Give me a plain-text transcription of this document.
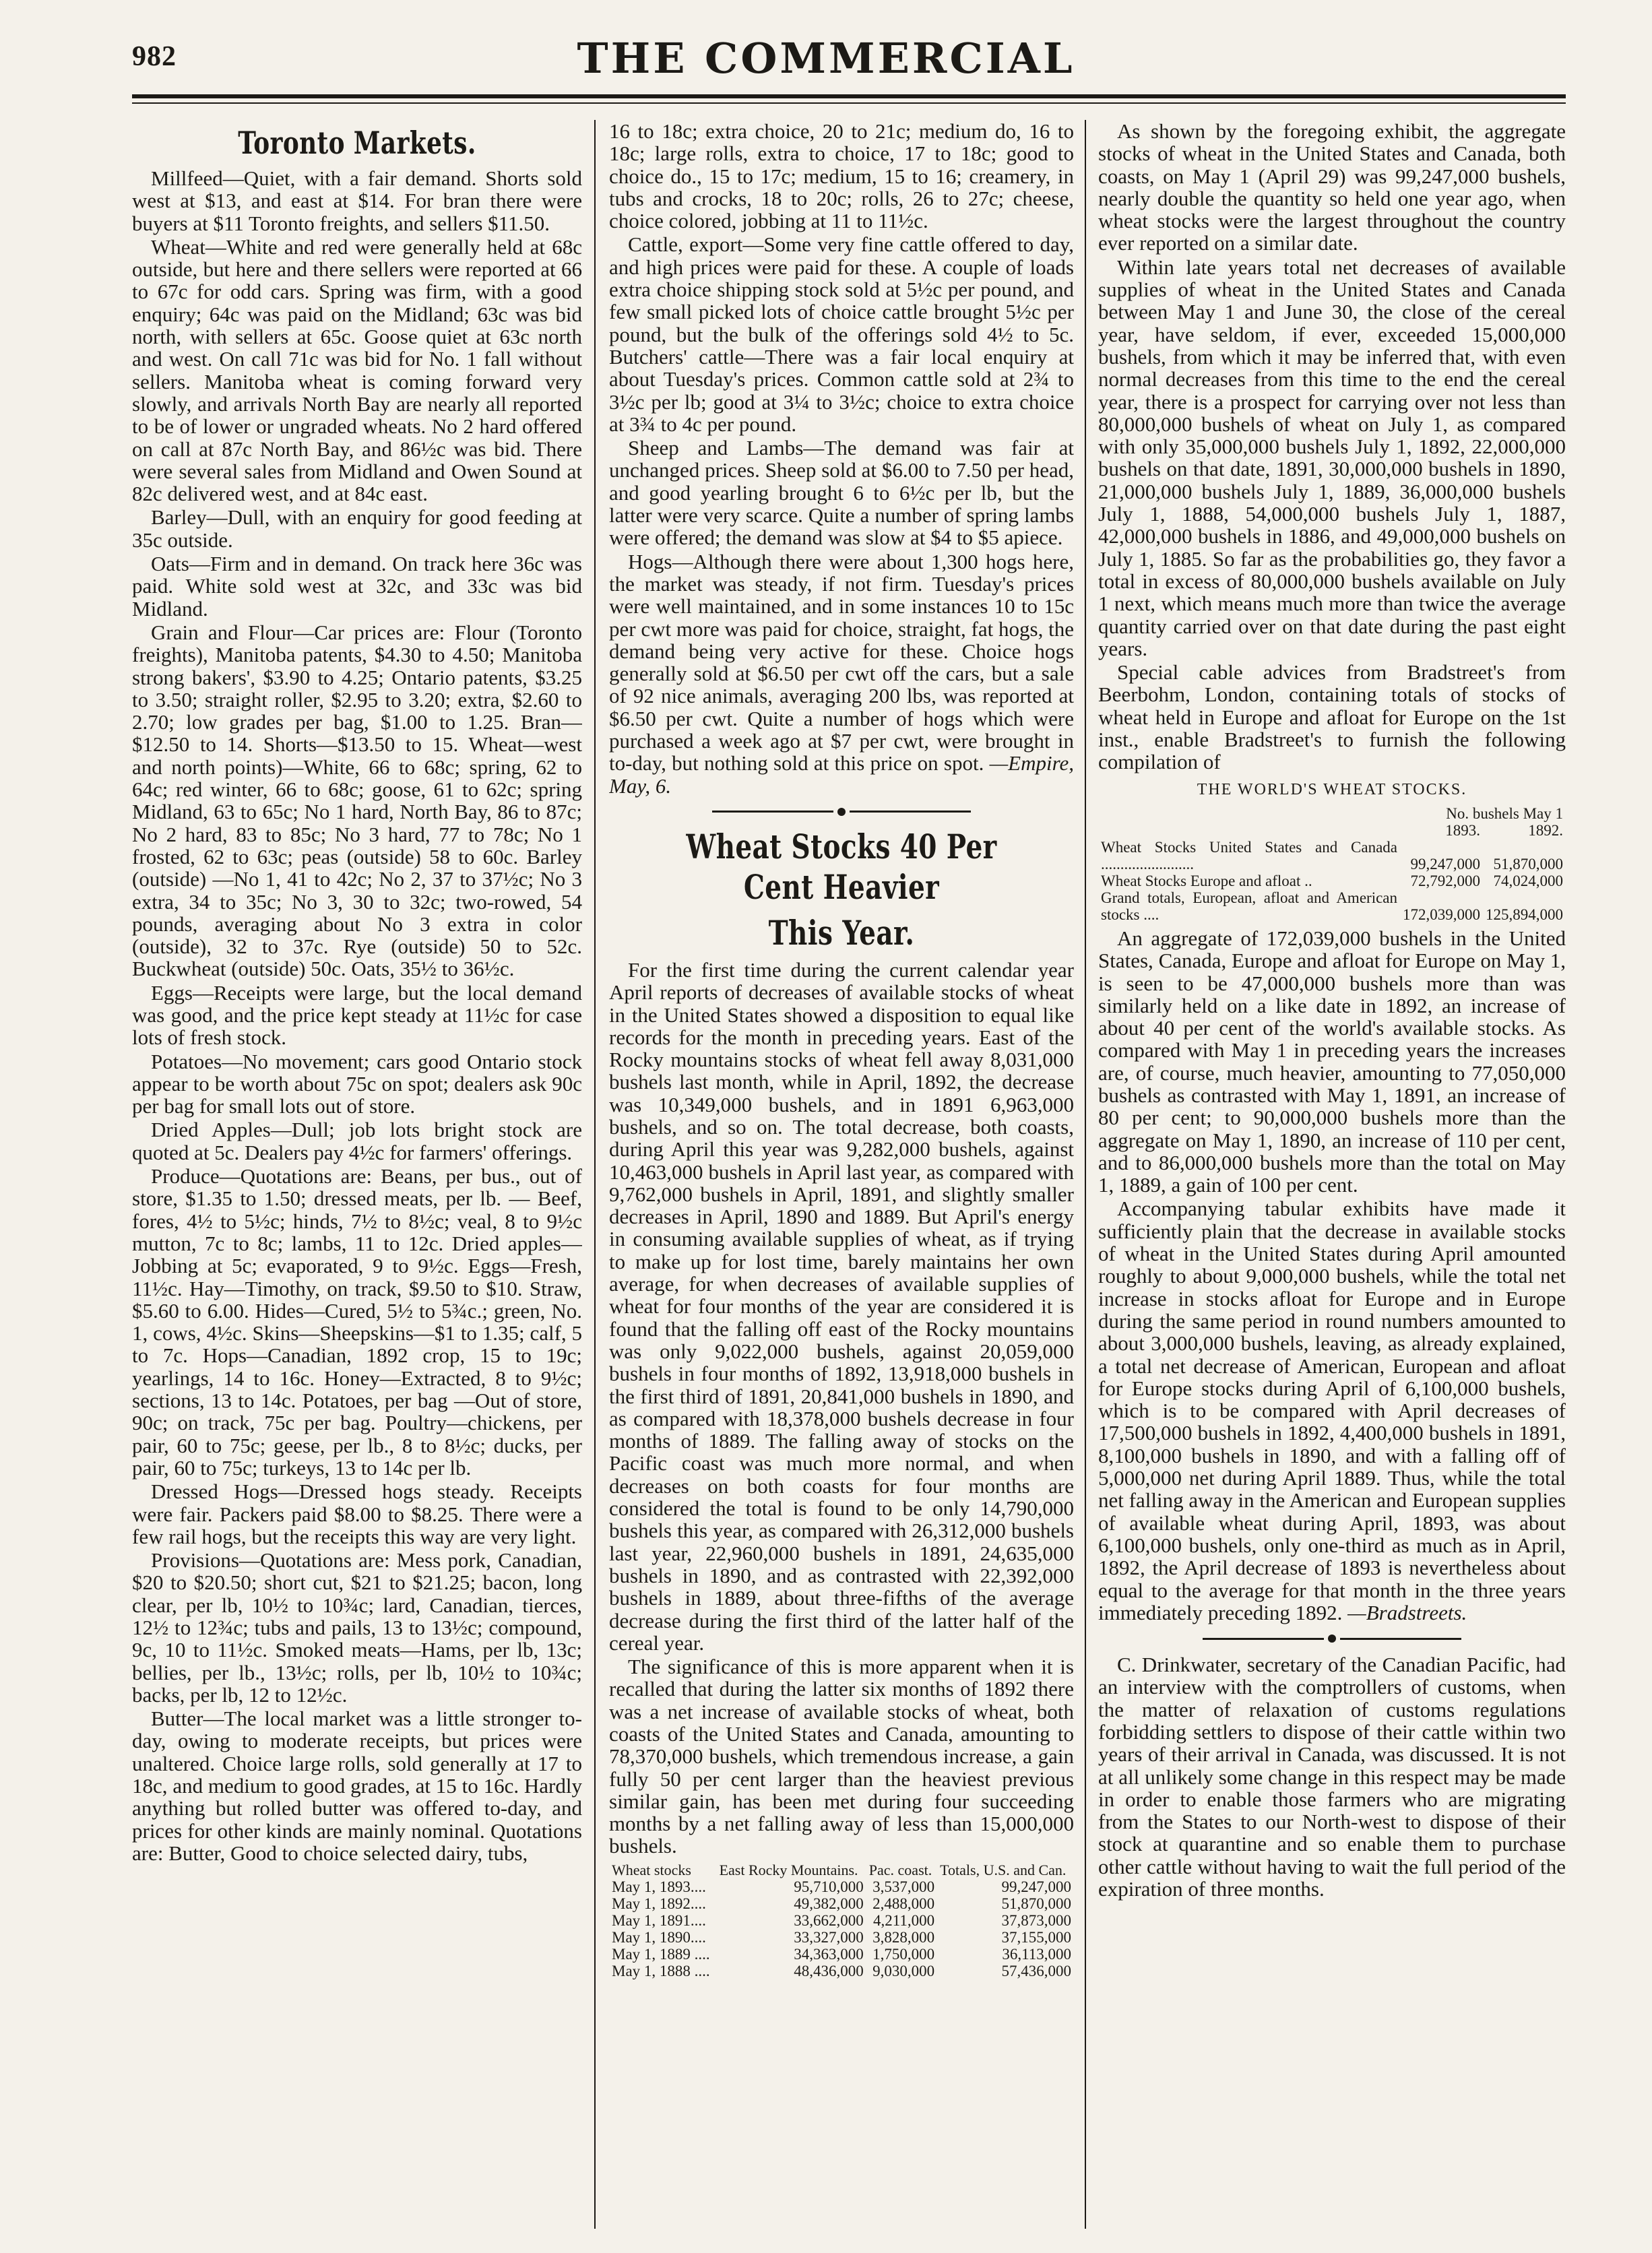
982	THE COMMERCIAL
Toronto Markets.

Millfeed—Quiet, with a fair demand. Shorts sold west at $13, and east at $14. For bran there were buyers at $11 Toronto freights, and sellers $11.50.

Wheat—White and red were generally held at 68c outside, but here and there sellers were reported at 66 to 67c for odd cars. Spring was firm, with a good enquiry; 64c was paid on the Midland; 63c was bid north, with sellers at 65c. Goose quiet at 63c north and west. On call 71c was bid for No. 1 fall without sellers. Manitoba wheat is coming forward very slowly, and arrivals North Bay are nearly all reported to be of lower or ungraded wheats. No 2 hard offered on call at 87c North Bay, and 86½c was bid. There were several sales from Midland and Owen Sound at 82c delivered west, and at 84c east.

Barley—Dull, with an enquiry for good feeding at 35c outside.

Oats—Firm and in demand. On track here 36c was paid. White sold west at 32c, and 33c was bid Midland.

Grain and Flour—Car prices are: Flour (Toronto freights), Manitoba patents, $4.30 to 4.50; Manitoba strong bakers', $3.90 to 4.25; Ontario patents, $3.25 to 3.50; straight roller, $2.95 to 3.20; extra, $2.60 to 2.70; low grades per bag, $1.00 to 1.25. Bran—$12.50 to 14. Shorts—$13.50 to 15. Wheat—west and north points)—White, 66 to 68c; spring, 62 to 64c; red winter, 66 to 68c; goose, 61 to 62c; spring Midland, 63 to 65c; No 1 hard, North Bay, 86 to 87c; No 2 hard, 83 to 85c; No 3 hard, 77 to 78c; No 1 frosted, 62 to 63c; peas (outside) 58 to 60c. Barley (outside) —No 1, 41 to 42c; No 2, 37 to 37½c; No 3 extra, 34 to 35c; No 3, 30 to 32c; two-rowed, 54 pounds, averaging about No 3 extra in color (outside), 32 to 37c. Rye (outside) 50 to 52c. Buckwheat (outside) 50c. Oats, 35½ to 36½c.

Eggs—Receipts were large, but the local demand was good, and the price kept steady at 11½c for case lots of fresh stock.

Potatoes—No movement; cars good Ontario stock appear to be worth about 75c on spot; dealers ask 90c per bag for small lots out of store.

Dried Apples—Dull; job lots bright stock are quoted at 5c. Dealers pay 4½c for farmers' offerings.

Produce—Quotations are: Beans, per bus., out of store, $1.35 to 1.50; dressed meats, per lb. — Beef, fores, 4½ to 5½c; hinds, 7½ to 8½c; veal, 8 to 9½c mutton, 7c to 8c; lambs, 11 to 12c. Dried apples—Jobbing at 5c; evaporated, 9 to 9½c. Eggs—Fresh, 11½c. Hay—Timothy, on track, $9.50 to $10. Straw, $5.60 to 6.00. Hides—Cured, 5½ to 5¾c.; green, No. 1, cows, 4½c. Skins—Sheepskins—$1 to 1.35; calf, 5 to 7c. Hops—Canadian, 1892 crop, 15 to 19c; yearlings, 14 to 16c. Honey—Extracted, 8 to 9½c; sections, 13 to 14c. Potatoes, per bag —Out of store, 90c; on track, 75c per bag. Poultry—chickens, per pair, 60 to 75c; geese, per lb., 8 to 8½c; ducks, per pair, 60 to 75c; turkeys, 13 to 14c per lb.

Dressed Hogs—Dressed hogs steady. Receipts were fair. Packers paid $8.00 to $8.25. There were a few rail hogs, but the receipts this way are very light.

Provisions—Quotations are: Mess pork, Canadian, $20 to $20.50; short cut, $21 to $21.25; bacon, long clear, per lb, 10½ to 10¾c; lard, Canadian, tierces, 12½ to 12¾c; tubs and pails, 13 to 13½c; compound, 9c, 10 to 11½c. Smoked meats—Hams, per lb, 13c; bellies, per lb., 13½c; rolls, per lb, 10½ to 10¾c; backs, per lb, 12 to 12½c.

Butter—The local market was a little stronger to-day, owing to moderate receipts, but prices were unaltered. Choice large rolls, sold generally at 17 to 18c, and medium to good grades, at 15 to 16c. Hardly anything but rolled butter was offered to-day, and prices for other kinds are mainly nominal. Quotations are: Butter, Good to choice selected dairy, tubs,

16 to 18c; extra choice, 20 to 21c; medium do, 16 to 18c; large rolls, extra to choice, 17 to 18c; good to choice do., 15 to 17c; medium, 15 to 16; creamery, in tubs and crocks, 18 to 20c; rolls, 26 to 27c; cheese, choice colored, jobbing at 11 to 11½c.

Cattle, export—Some very fine cattle offered to day, and high prices were paid for these. A couple of loads extra choice shipping stock sold at 5½c per pound, and few small picked lots of choice cattle brought 5½c per pound, but the bulk of the offerings sold 4½ to 5c. Butchers' cattle—There was a fair local enquiry at about Tuesday's prices. Common cattle sold at 2¾ to 3½c per lb; good at 3¼ to 3½c; choice to extra choice at 3¾ to 4c per pound.

Sheep and Lambs—The demand was fair at unchanged prices. Sheep sold at $6.00 to 7.50 per head, and good yearling brought 6 to 6½c per lb, but the latter were very scarce. Quite a number of spring lambs were offered; the demand was slow at $4 to $5 apiece.

Hogs—Although there were about 1,300 hogs here, the market was steady, if not firm. Tuesday's prices were well maintained, and in some instances 10 to 15c per cwt more was paid for choice, straight, fat hogs, the demand being very active for these. Choice hogs generally sold at $6.50 per cwt off the cars, but a sale of 92 nice animals, averaging 200 lbs, was reported at $6.50 per cwt. Quite a number of hogs which were purchased a week ago at $7 per cwt, were brought in to-day, but nothing sold at this price on spot. —Empire, May, 6.

Wheat Stocks 40 Per Cent Heavier
This Year.

For the first time during the current calendar year April reports of decreases of available stocks of wheat in the United States showed a disposition to equal like records for the month in preceding years. East of the Rocky mountains stocks of wheat fell away 8,031,000 bushels last month, while in April, 1892, the decrease was 10,349,000 bushels, and in 1891 6,963,000 bushels, and so on. The total decrease, both coasts, during April this year was 9,282,000 bushels, against 10,463,000 bushels in April last year, as compared with 9,762,000 bushels in April, 1891, and slightly smaller decreases in April, 1890 and 1889. But April's energy in consuming available supplies of wheat, as if trying to make up for lost time, barely maintains her own average, for when decreases of available supplies of wheat for four months of the year are considered it is found that the falling off east of the Rocky mountains was only 9,022,000 bushels, against 20,059,000 bushels in four months of 1892, 13,918,000 bushels in the first third of 1891, 20,841,000 bushels in 1890, and as compared with 18,378,000 bushels decrease in four months of 1889. The falling away of stocks on the Pacific coast was much more normal, and when decreases on both coasts for four months are considered the total is found to be only 14,790,000 bushels this year, as compared with 26,312,000 bushels last year, 22,960,000 bushels in 1891, 24,635,000 bushels in 1890, and as contrasted with 22,392,000 bushels in 1889, about three-fifths of the average decrease during the first third of the latter half of the cereal year.

The significance of this is more apparent when it is recalled that during the latter six months of 1892 there was a net increase of available stocks of wheat, both coasts of the United States and Canada, amounting to 78,370,000 bushels, which tremendous increase, a gain fully 50 per cent larger than the heaviest previous similar gain, has been met during four succeeding months by a net falling away of less than 15,000,000 bushels.

Wheat stocks	East Rocky Mountains.	Pac. coast.	Totals, U.S. and Can.
May 1, 1893....	95,710,000	3,537,000	99,247,000
May 1, 1892....	49,382,000	2,488,000	51,870,000
May 1, 1891....	33,662,000	4,211,000	37,873,000
May 1, 1890....	33,327,000	3,828,000	37,155,000
May 1, 1889 ....	34,363,000	1,750,000	36,113,000
May 1, 1888 ....	48,436,000	9,030,000	57,436,000

As shown by the foregoing exhibit, the aggregate stocks of wheat in the United States and Canada, both coasts, on May 1 (April 29) was 99,247,000 bushels, nearly double the quantity so held one year ago, when wheat stocks were the largest throughout the country ever reported on a similar date.

Within late years total net decreases of available supplies of wheat in the United States and Canada between May 1 and June 30, the close of the cereal year, have seldom, if ever, exceeded 15,000,000 bushels, from which it may be inferred that, with even normal decreases from this time to the end the cereal year, there is a prospect for carrying over not less than 80,000,000 bushels of wheat on July 1, as compared with only 35,000,000 bushels July 1, 1892, 22,000,000 bushels on that date, 1891, 30,000,000 bushels in 1890, 21,000,000 bushels July 1, 1889, 36,000,000 bushels July 1, 1888, 54,000,000 bushels July 1, 1887, 42,000,000 bushels in 1886, and 49,000,000 bushels on July 1, 1885. So far as the probabilities go, they favor a total in excess of 80,000,000 bushels available on July 1 next, which means much more than twice the average quantity carried over on that date during the past eight years.

Special cable advices from Bradstreet's from Beerbohm, London, containing totals of stocks of wheat held in Europe and afloat for Europe on the 1st inst., enable Bradstreet's to furnish the following compilation of

THE WORLD'S WHEAT STOCKS.
	No. bushels May 1	
	1893.	1892.
Wheat Stocks United States and Canada ........................	99,247,000	51,870,000
Wheat Stocks Europe and afloat ..	72,792,000	74,024,000
Grand totals, European, afloat and American stocks ....	172,039,000	125,894,000

An aggregate of 172,039,000 bushels in the United States, Canada, Europe and afloat for Europe on May 1, is seen to be 47,000,000 bushels more than was similarly held on a like date in 1892, an increase of about 40 per cent of the world's available stocks. As compared with May 1 in preceding years the increases are, of course, much heavier, amounting to 77,050,000 bushels as contrasted with May 1, 1891, an increase of 80 per cent; to 90,000,000 bushels more than the aggregate on May 1, 1890, an increase of 110 per cent, and to 86,000,000 bushels more than the total on May 1, 1889, a gain of 100 per cent.

Accompanying tabular exhibits have made it sufficiently plain that the decrease in available stocks of wheat in the United States during April amounted roughly to about 9,000,000 bushels, while the total net increase in stocks afloat for Europe and in Europe during the same period in round numbers amounted to about 3,000,000 bushels, leaving, as already explained, a total net decrease of American, European and afloat for Europe stocks during April of 6,100,000 bushels, which is to be compared with April decreases of 17,500,000 bushels in 1892, 4,400,000 bushels in 1891, 8,100,000 bushels in 1890, and with a falling off of 5,000,000 net during April 1889. Thus, while the total net falling away in the American and European supplies of available wheat during April, 1893, was about 6,100,000 bushels, only one-third as much as in April, 1892, the April decrease of 1893 is nevertheless about equal to the average for that month in the three years immediately preceding 1892. —Bradstreets.

C. Drinkwater, secretary of the Canadian Pacific, had an interview with the comptrollers of customs, when the matter of relaxation of customs regulations forbidding settlers to dispose of their cattle within two years of their arrival in Canada, was discussed. It is not at all unlikely some change in this respect may be made in order to enable those farmers who are migrating from the States to our North-west to dispose of their stock at quarantine and so enable them to purchase other cattle without having to wait the full period of the expiration of three months.
